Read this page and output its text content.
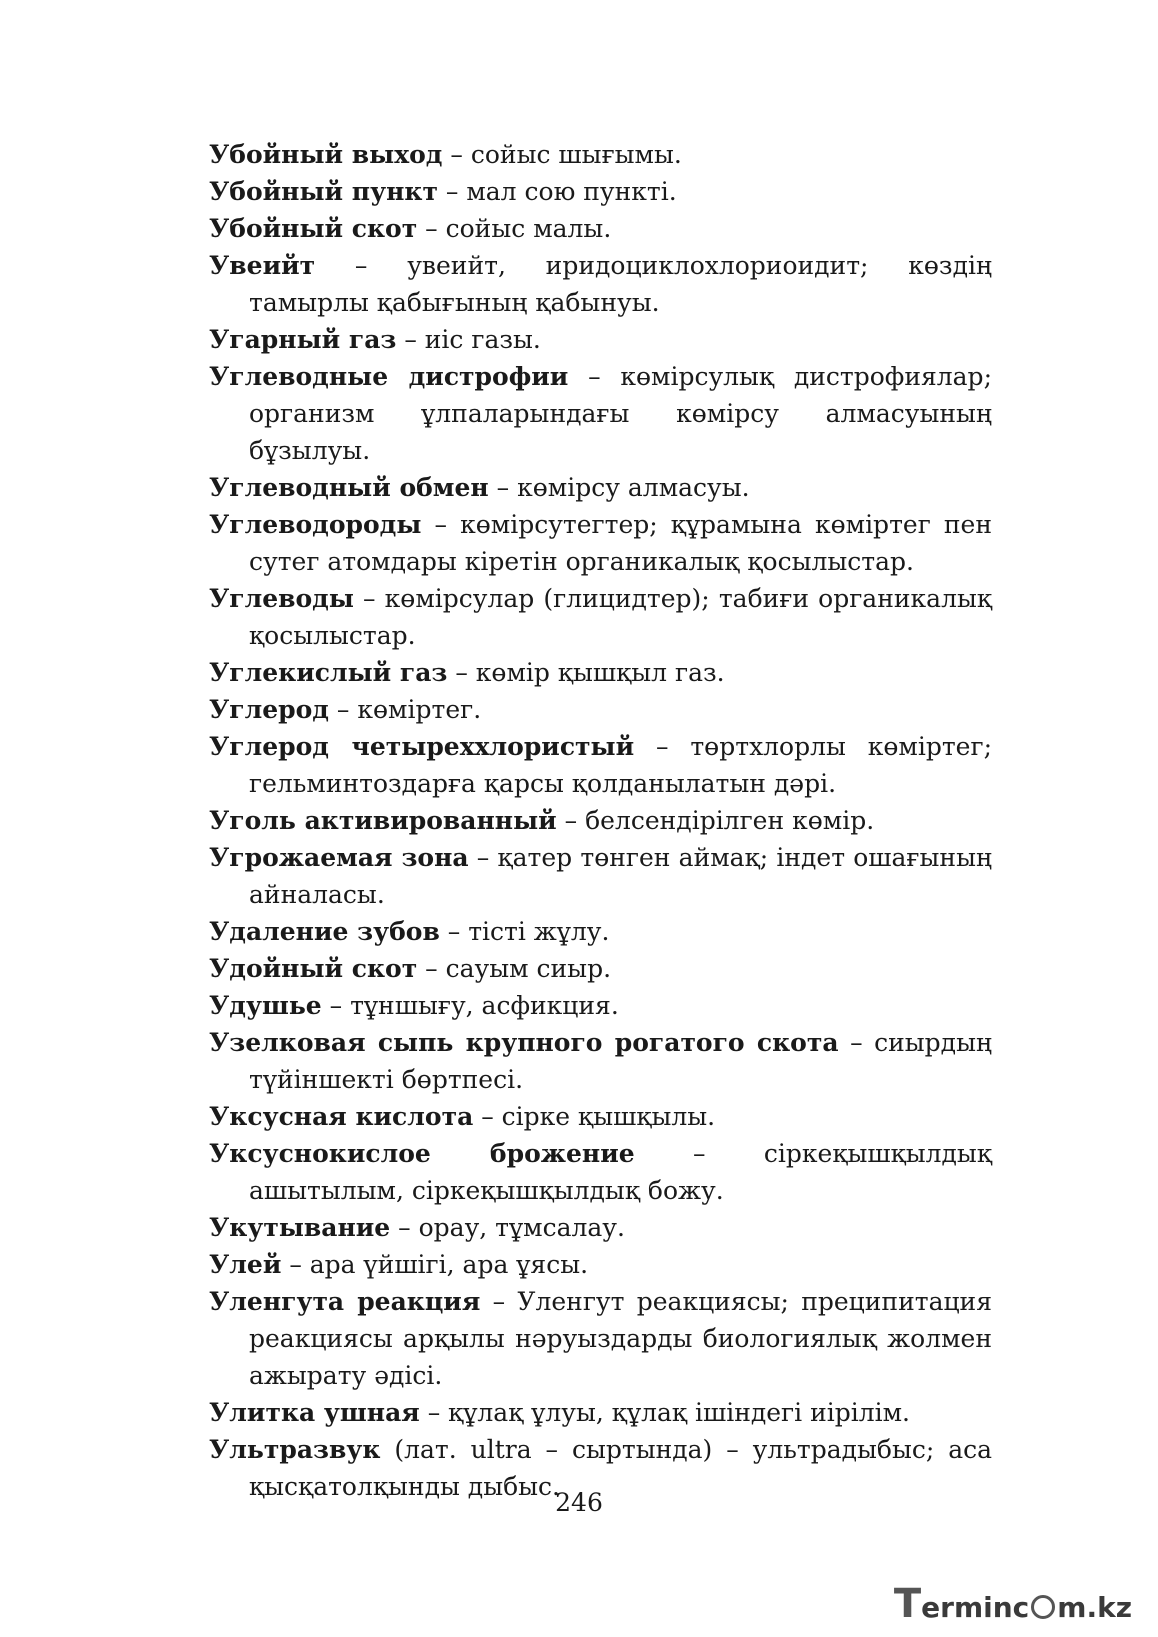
Убойный выход – сойыс шығымы.

Убойный пункт – мал сою пункті.

Убойный скот – сойыс малы.

Увеийт – увеийт, иридоциклохлориоидит; көздің тамырлы қабығының қабынуы.

Угарный газ – иіс газы.

Углеводные дистрофии – көмірсулық дистрофиялар; организм ұлпаларындағы көмірсу алмасуының бұзылуы.

Углеводный обмен – көмірсу алмасуы.

Углеводороды – көмірсутегтер; құрамына көміртег пен сутег атомдары кіретін органикалық қосылыстар.

Углеводы – көмірсулар (глицидтер); табиғи органикалық қосылыстар.

Углекислый газ – көмір қышқыл газ.

Углерод – көміртег.

Углерод четыреххлористый – төртхлорлы көміртег; гельминтоздарға қарсы қолданылатын дәрі.

Уголь активированный – белсендірілген көмір.

Угрожаемая зона – қатер төнген аймақ; індет ошағының айналасы.

Удаление зубов – тісті жұлу.

Удойный скот – сауым сиыр.

Удушье – тұншығу, асфикция.

Узелковая сыпь крупного рогатого скота – сиырдың түйіншекті бөртпесі.

Уксусная кислота – сірке қышқылы.

Уксуснокислое брожение – сіркеқышқылдық ашытылым, сіркеқышқылдық божу.

Укутывание – орау, тұмсалау.

Улей – ара үйшігі, ара ұясы.

Уленгута реакция – Уленгут реакциясы; преципитация реакциясы арқылы нәруыздарды биологиялық жолмен ажырату әдісі.

Улитка ушная – құлақ ұлуы, құлақ ішіндегі иірілім.

Ультразвук (лат. ultra – сыртында) – ультрадыбыс; аса қысқатолқынды дыбыс.

246
T erminc m.kz
